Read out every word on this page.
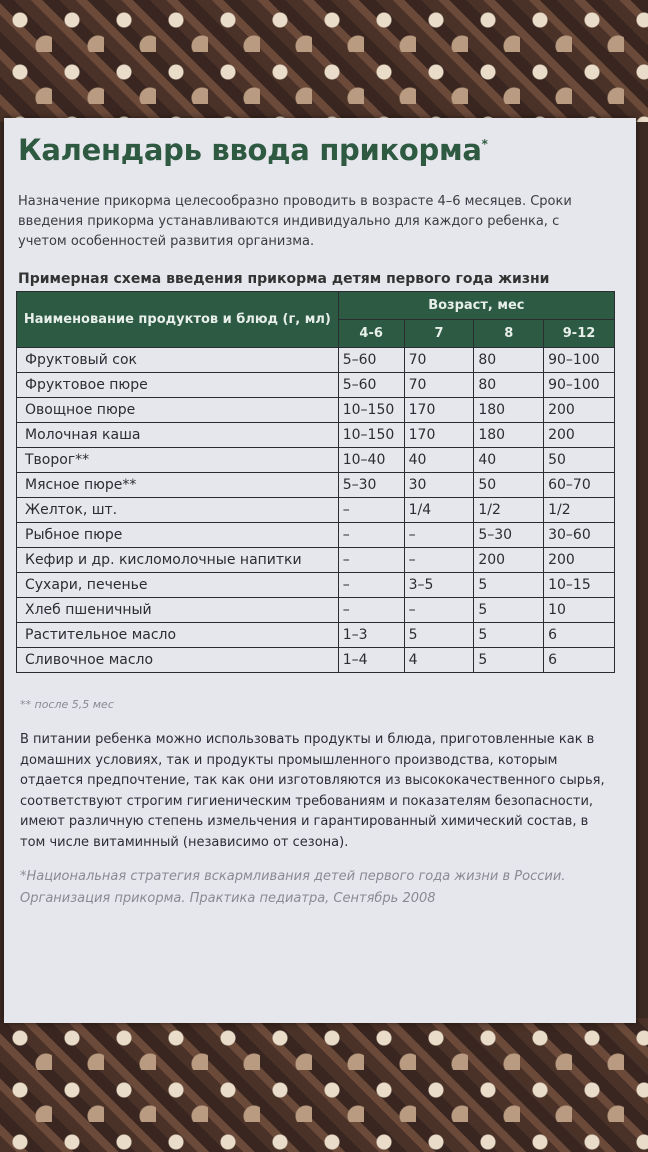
Календарь ввода прикорма*
Назначение прикорма целесообразно проводить в возрасте 4–6 месяцев. Сроки введения прикорма устанавливаются индивидуально для каждого ребенка, с учетом особенностей развития организма.
Примерная схема введения прикорма детям первого года жизни
Наименование продуктов и блюд (г, мл)	Возраст, мес			
	4-6	7	8	9-12
Фруктовый сок	5–60	70	80	90–100
Фруктовое пюре	5–60	70	80	90–100
Овощное пюре	10–150	170	180	200
Молочная каша	10–150	170	180	200
Творог**	10–40	40	40	50
Мясное пюре**	5–30	30	50	60–70
Желток, шт.	–	1/4	1/2	1/2
Рыбное пюре	–	–	5–30	30–60
Кефир и др. кисломолочные напитки	–	–	200	200
Сухари, печенье	–	3–5	5	10–15
Хлеб пшеничный	–	–	5	10
Растительное масло	1–3	5	5	6
Сливочное масло	1–4	4	5	6
** после 5,5 мес
В питании ребенка можно использовать продукты и блюда, приготовленные как в домашних условиях, так и продукты промышленного производства, которым отдается предпочтение, так как они изготовляются из высококачественного сырья, соответствуют строгим гигиеническим требованиям и показателям безопасности, имеют различную степень измельчения и гарантированный химический состав, в том числе витаминный (независимо от сезона).
*Национальная стратегия вскармливания детей первого года жизни в России. Организация прикорма. Практика педиатра, Сентябрь 2008
